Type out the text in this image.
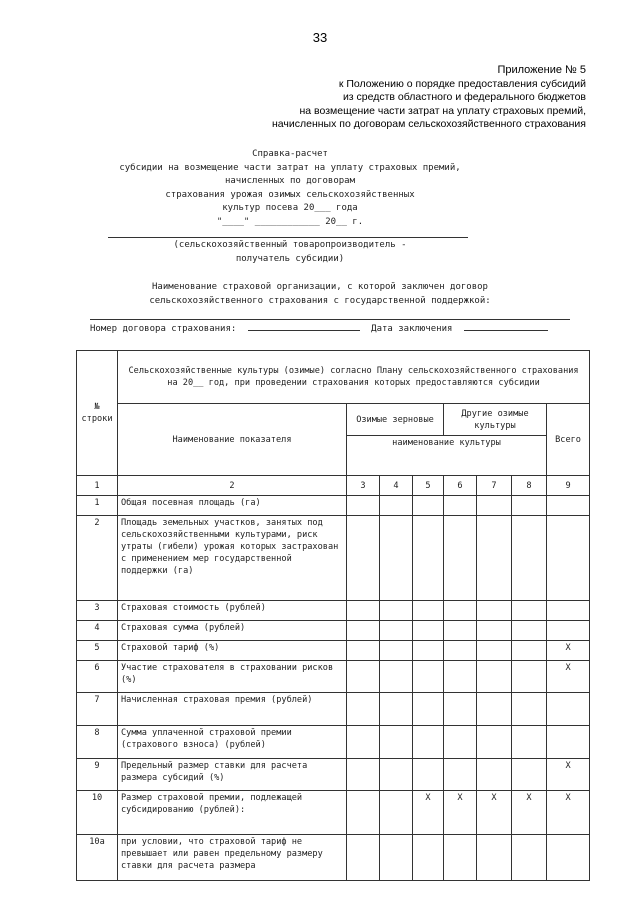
33
Приложение № 5
к Положению о порядке предоставления субсидий
из средств областного и федерального бюджетов
на возмещение части затрат на уплату страховых премий,
начисленных по договорам сельскохозяйственного страхования
Справка-расчет
субсидии на возмещение части затрат на уплату страховых премий,
начисленных по договорам
страхования урожая озимых сельскохозяйственных
культур посева 20___ года
"____" ____________ 20__ г.
(сельскохозяйственный товаропроизводитель -
получатель субсидии)
Наименование страховой организации, с которой заключен договор
сельскохозяйственного страхования с государственной поддержкой:
Номер договора страхования:	Дата заключения
№ строки	Сельскохозяйственные культуры (озимые) согласно Плану сельскохозяйственного страхования на 20__ год, при проведении страхования которых предоставляются субсидии							
	Наименование показателя	Озимые зерновые			Другие озимые культуры			Всего
		наименование культуры						
1	2	3	4	5	6	7	8	9
1	Общая посевная площадь (га)							
2	Площадь земельных участков, занятых под сельскохозяйственными культурами, риск утраты (гибели) урожая которых застрахован с применением мер государственной поддержки (га)							
3	Страховая стоимость (рублей)							
4	Страховая сумма (рублей)							
5	Страховой тариф (%)							X
6	Участие страхователя в страховании рисков (%)							X
7	Начисленная страховая премия (рублей)							
8	Сумма уплаченной страховой премии (страхового взноса) (рублей)							
9	Предельный размер ставки для расчета размера субсидий (%)							X
10	Размер страховой премии, подлежащей субсидированию (рублей):			X	X	X	X	X
10а	при условии, что страховой тариф не превышает или равен предельному размеру ставки для расчета размера							
